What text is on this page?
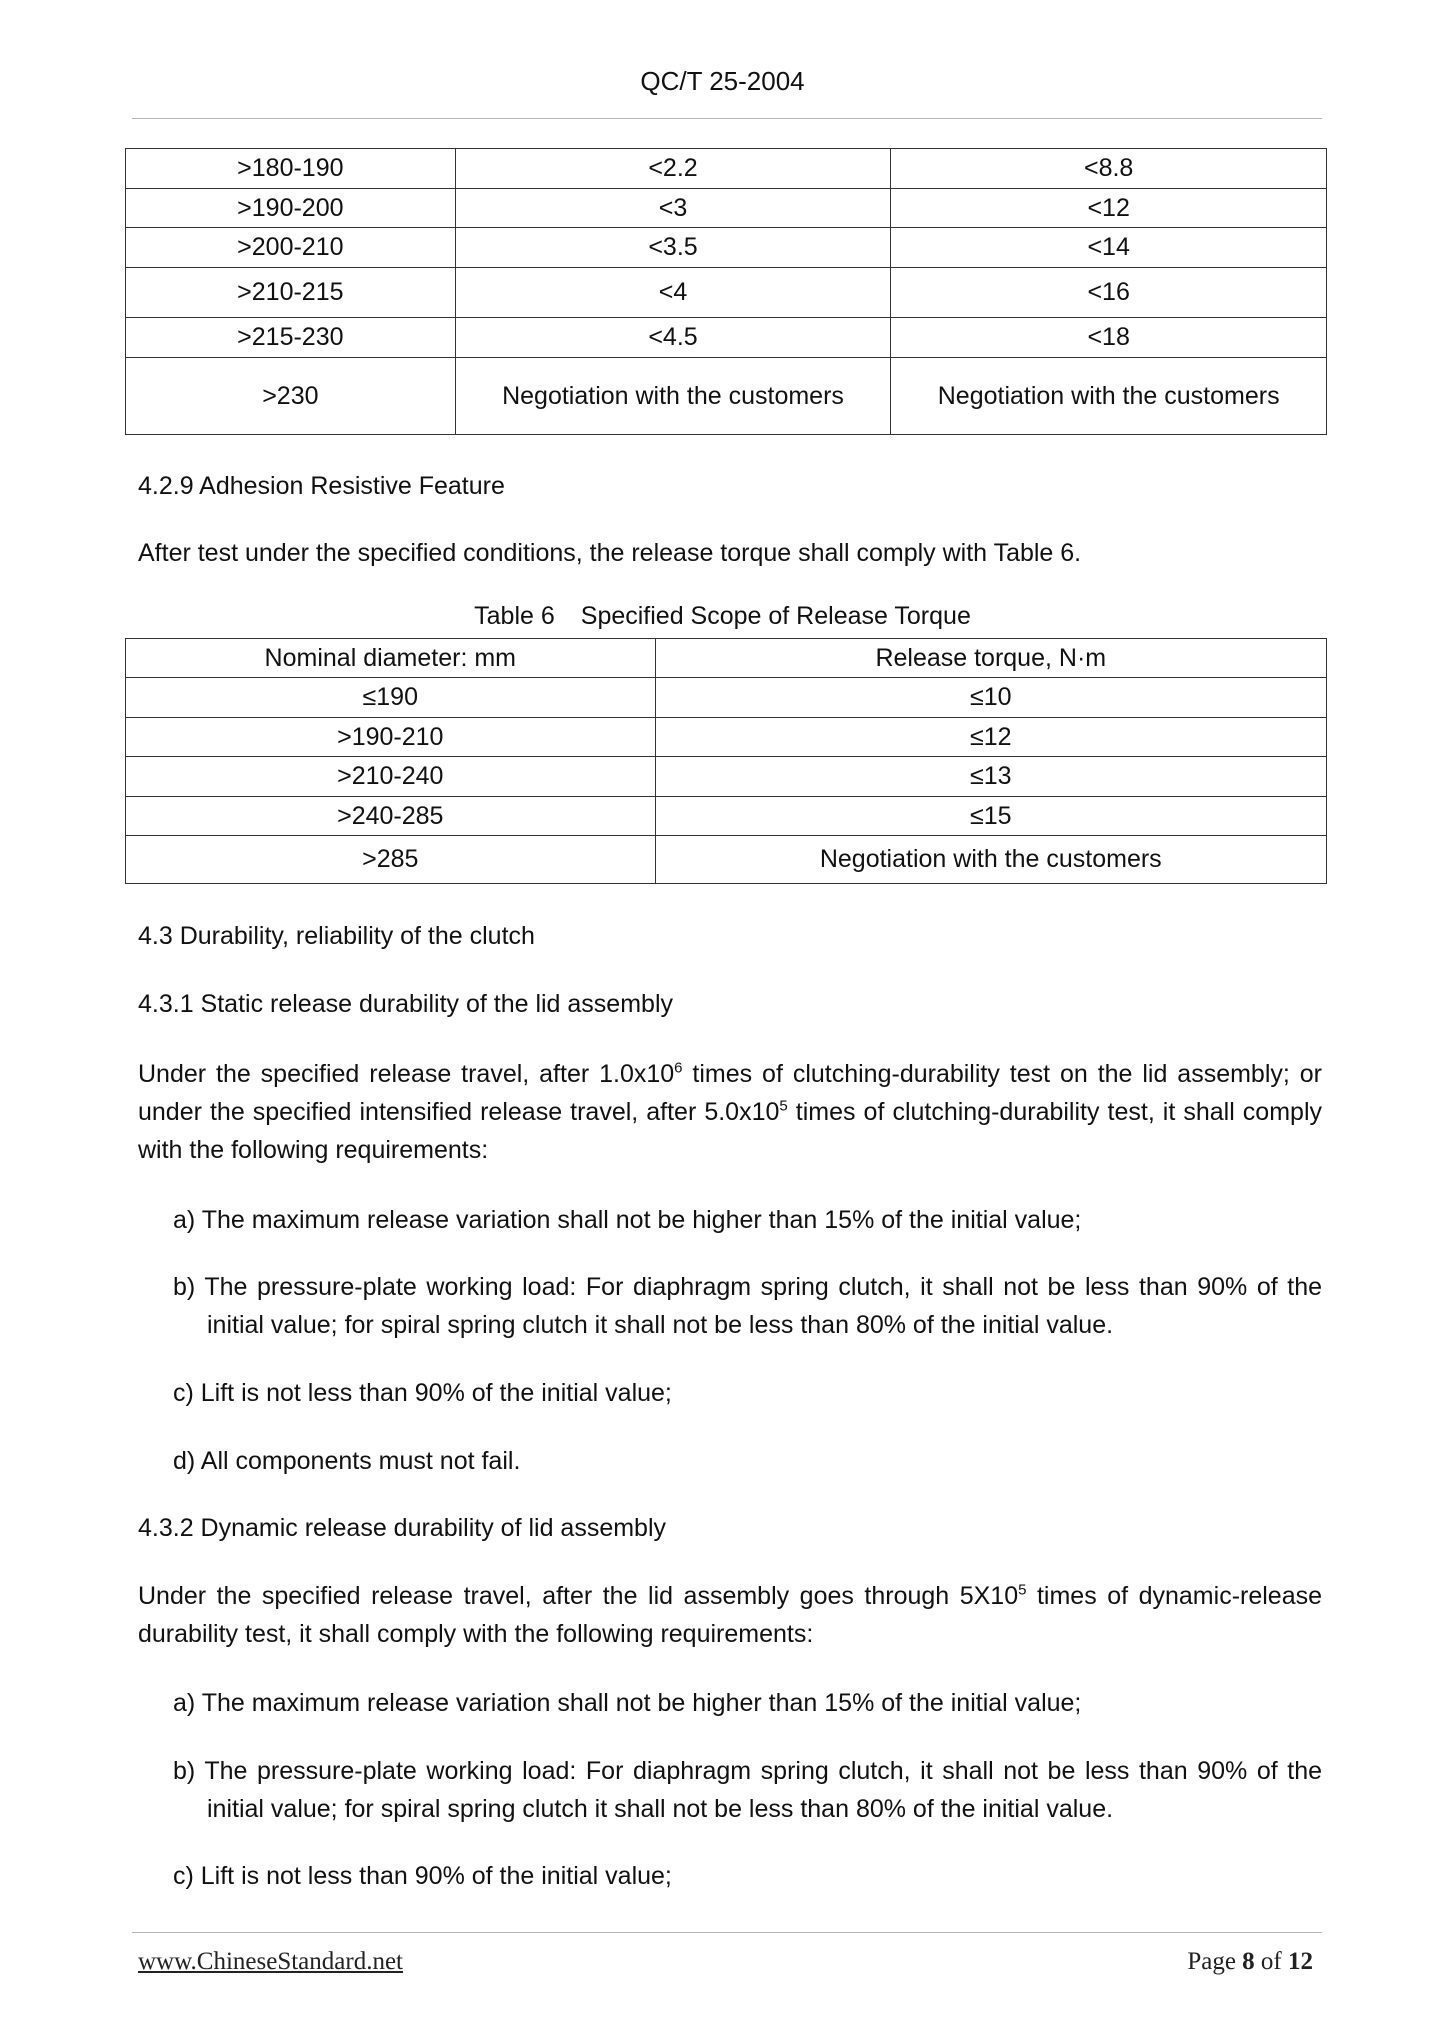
QC/T 25-2004
>180-190	<2.2	<8.8
>190-200	<3	<12
>200-210	<3.5	<14
>210-215	<4	<16
>215-230	<4.5	<18
>230	Negotiation with the customers	Negotiation with the customers
4.2.9 Adhesion Resistive Feature
After test under the specified conditions, the release torque shall comply with Table 6.
Table 6 Specified Scope of Release Torque
Nominal diameter: mm	Release torque, N·m
≤190	≤10
>190-210	≤12
>210-240	≤13
>240-285	≤15
>285	Negotiation with the customers
4.3 Durability, reliability of the clutch
4.3.1 Static release durability of the lid assembly
Under the specified release travel, after $1.0x10^6$ times of clutching-durability test on the lid assembly; or under the specified intensified release travel, after $5.0x10^5$ times of clutching-durability test, it shall comply with the following requirements:
a) The maximum release variation shall not be higher than 15% of the initial value;
b) The pressure-plate working load: For diaphragm spring clutch, it shall not be less than 90% of the initial value; for spiral spring clutch it shall not be less than 80% of the initial value.
c) Lift is not less than 90% of the initial value;
d) All components must not fail.
4.3.2 Dynamic release durability of lid assembly
Under the specified release travel, after the lid assembly goes through $5X10^5$ times of dynamic-release durability test, it shall comply with the following requirements:
a) The maximum release variation shall not be higher than 15% of the initial value;
b) The pressure-plate working load: For diaphragm spring clutch, it shall not be less than 90% of the initial value; for spiral spring clutch it shall not be less than 80% of the initial value.
c) Lift is not less than 90% of the initial value;
www.ChineseStandard.net	Page 8 of 12
